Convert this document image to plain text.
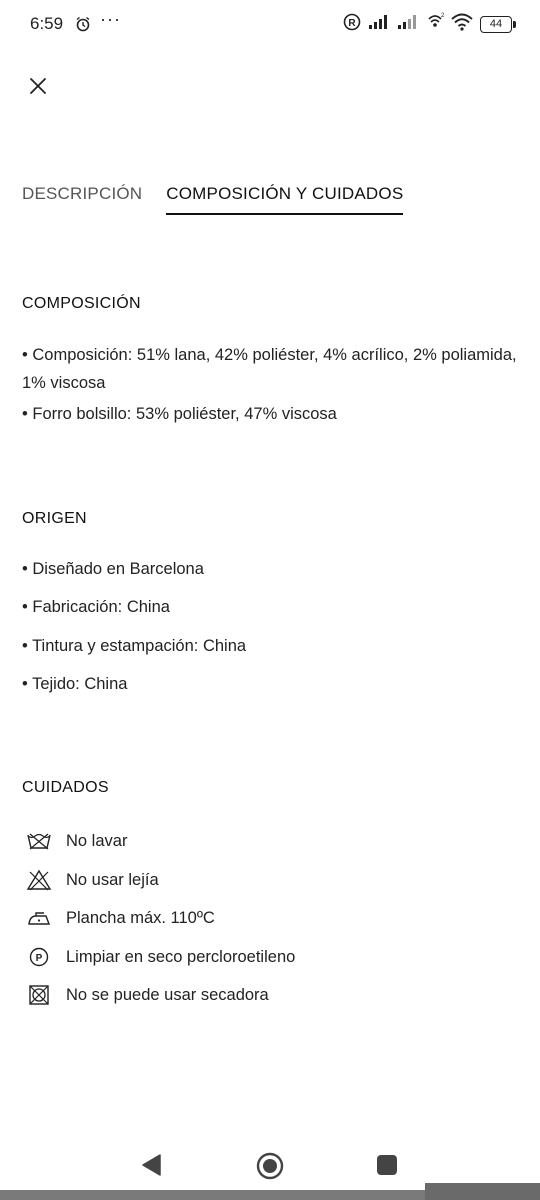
6:59 ···	R
2
44
DESCRIPCIÓN COMPOSICIÓN Y CUIDADOS
COMPOSICIÓN
• Composición: 51% lana, 42% poliéster, 4% acrílico, 2% poliamida, 1% viscosa
• Forro bolsillo: 53% poliéster, 47% viscosa
ORIGEN
• Diseñado en Barcelona
• Fabricación: China
• Tintura y estampación: China
• Tejido: China
CUIDADOS
No lavar
No usar lejía
Plancha máx. 110ºC
P Limpiar en seco percloroetileno
No se puede usar secadora
